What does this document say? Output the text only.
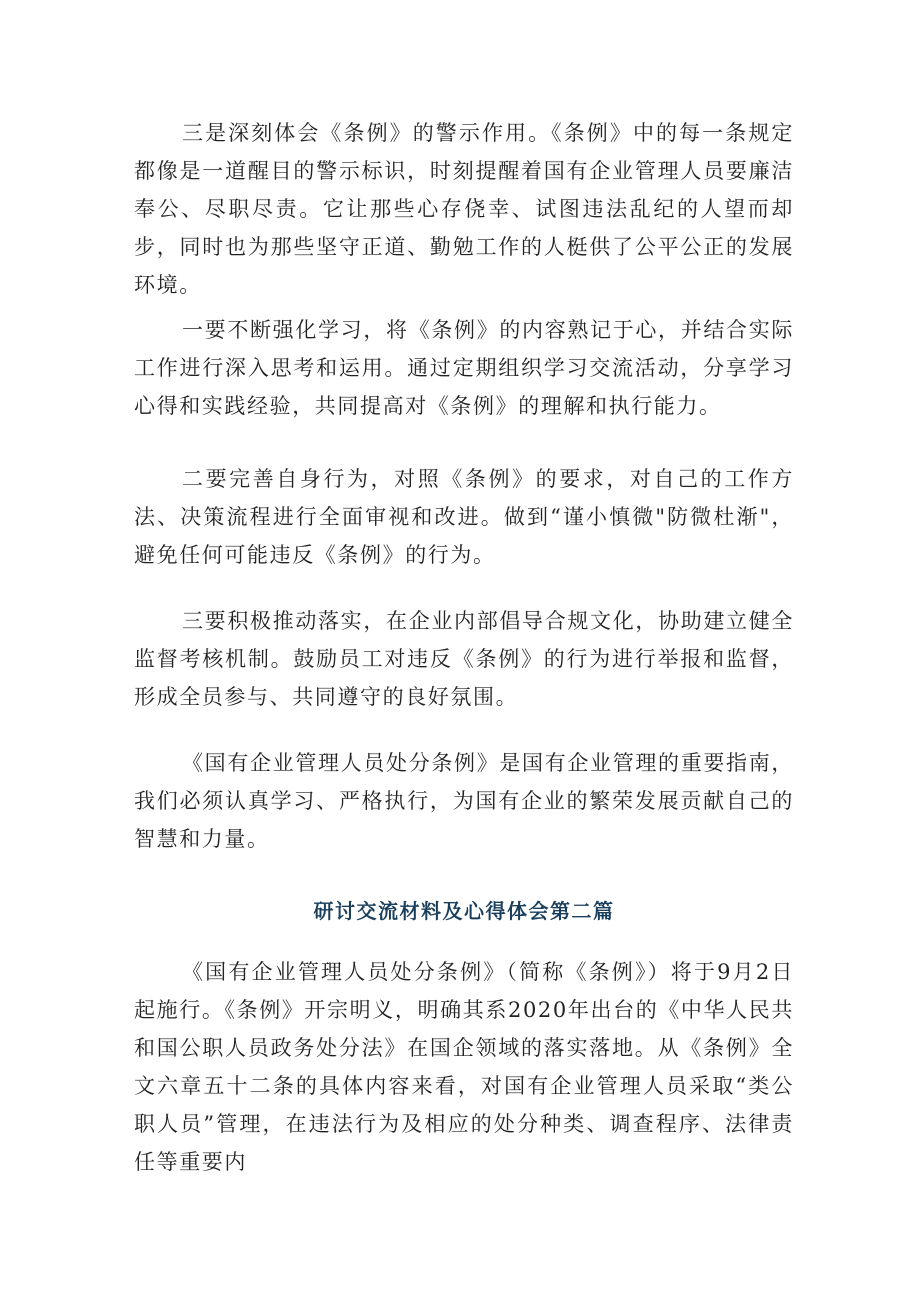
三是深刻体会《条例》的警示作用。《条例》中的每一条规定都像是一道醒目的警示标识，时刻提醒着国有企业管理人员要廉洁奉公、尽职尽责。它让那些心存侥幸、试图违法乱纪的人望而却步，同时也为那些坚守正道、勤勉工作的人梃供了公平公正的发展环境。

一要不断强化学习，将《条例》的内容熟记于心，并结合实际工作进行深入思考和运用。通过定期组织学习交流活动，分享学习心得和实践经验，共同提高对《条例》的理解和执行能力。

二要完善自身行为，对照《条例》的要求，对自己的工作方法、决策流程进行全面审视和改进。做到“谨小慎微"防微杜渐"，避免任何可能违反《条例》的行为。

三要积极推动落实，在企业内部倡导合规文化，协助建立健全监督考核机制。鼓励员工对违反《条例》的行为进行举报和监督，形成全员参与、共同遵守的良好氛围。

《国有企业管理人员处分条例》是国有企业管理的重要指南，我们必须认真学习、严格执行，为国有企业的繁荣发展贡献自己的智慧和力量。

研讨交流材料及心得体会第二篇

《国有企业管理人员处分条例》（简称《条例》）将于9月2日起施行。《条例》开宗明义，明确其系2020年出台的《中华人民共和国公职人员政务处分法》在国企领域的落实落地。从《条例》全文六章五十二条的具体内容来看，对国有企业管理人员采取“类公职人员”管理，在违法行为及相应的处分种类、调查程序、法律责任等重要内
